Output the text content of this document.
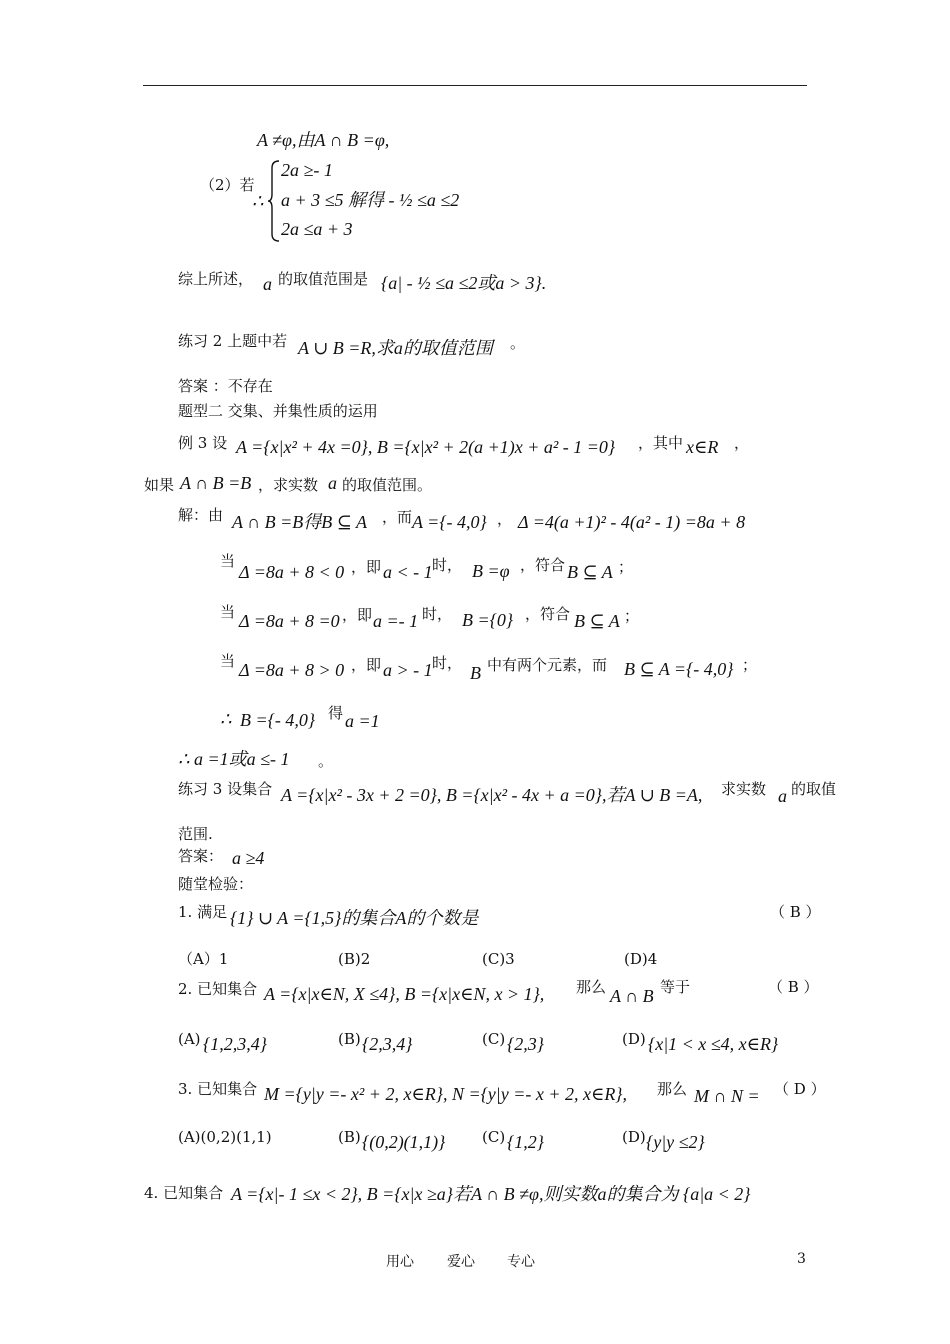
A ≠φ,由A ∩ B =φ,
（2）若
∴
2a ≥- 1
a + 3 ≤5 解得 - ½ ≤a ≤2
2a ≤a + 3
综上所述， a 的取值范围是 {a| - ½ ≤a ≤2或a > 3}.
练习 2 上题中若 A ∪ B =R,求a的取值范围 。
答案 ：不存在
题型二 交集、并集性质的运用
例 3 设 A ={x|x² + 4x =0}, B ={x|x² + 2(a +1)x + a² - 1 =0} ，其中 x∈R ，
如果 A ∩ B =B ，求实数 a 的取值范围。
解：由 A ∩ B =B得B ⊆ A ，而 A ={- 4,0} ， Δ =4(a +1)² - 4(a² - 1) =8a + 8
当
Δ =8a + 8 < 0 ，即 a < - 1 时， B =φ ，符合 B ⊆ A ；
当 Δ =8a + 8 =0 ，即 a =- 1 时， B ={0} ，符合 B ⊆ A ；
当 Δ =8a + 8 > 0 ，即 a > - 1 时， B 中有两个元素，而 B ⊆ A ={- 4,0} ；
∴ B ={- 4,0} 得 a =1
∴ a =1或a ≤- 1 。
练习 3 设集合 A ={x|x² - 3x + 2 =0}, B ={x|x² - 4x + a =0},若A ∪ B =A, 求实数 a 的取值
范围.
答案： a ≥4
随堂检验：
1. 满足 {1} ∪ A ={1,5}的集合A的个数是	（ B ）
（A）1	(B)2	(C)3	(D)4
2. 已知集合 A ={x|x∈N, X ≤4}, B ={x|x∈N, x > 1}, 那么 A ∩ B 等于	（ B ）
(A) {1,2,3,4}	(B) {2,3,4}	(C) {2,3}	(D) {x|1 < x ≤4, x∈R}
3. 已知集合 M ={y|y =- x² + 2, x∈R}, N ={y|y =- x + 2, x∈R}, 那么 M ∩ N = （ D ）
(A)(0,2)(1,1)	(B) {(0,2)(1,1)} (C) {1,2}	(D) {y|y ≤2}
4. 已知集合 A ={x|- 1 ≤x < 2}, B ={x|x ≥a}若A ∩ B ≠φ,则实数a的集合为 {a|a < 2}
用心 爱心 专心	3
